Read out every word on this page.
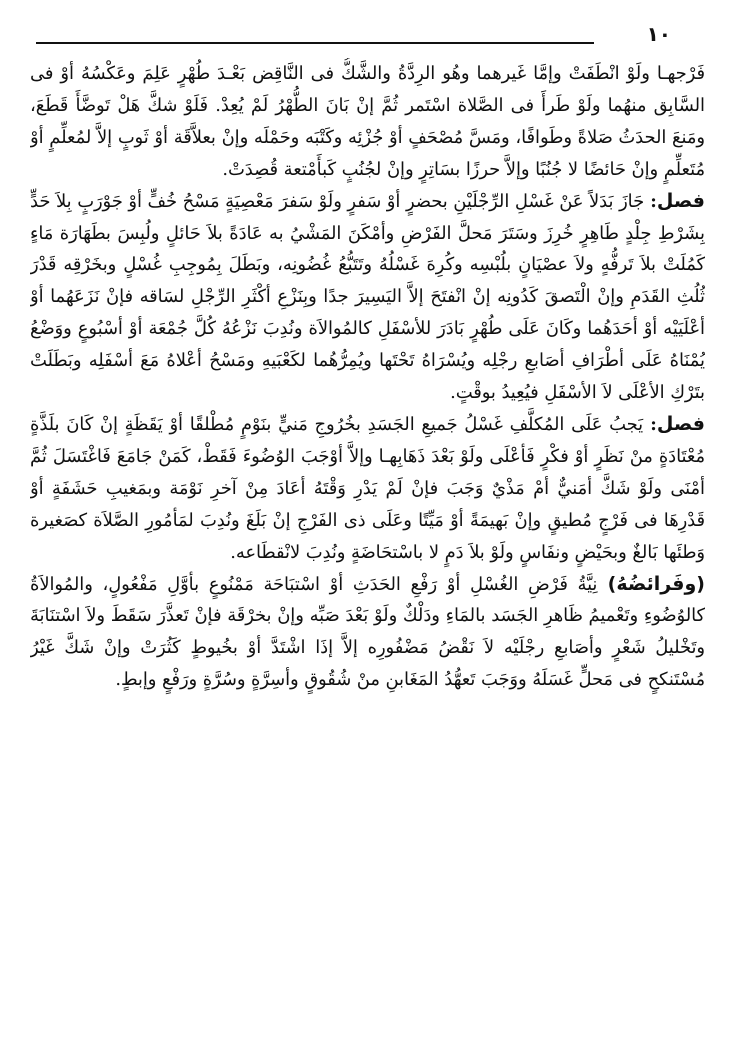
١٠

فَرْجهـا ولَوْ انْطَفَتْ وإمَّا غَيرهما وهُو الرِدَّةُ والشَّكُّ فى النَّاقِض بَعْـدَ طُهْرٍ عَلِمَ وعَكْسُهُ أوْ فى السَّابِق منهُما ولَوْ طَرأَ فى الصَّلاة اسْتَمر ثُمَّ إنْ بَانَ الطُّهْرُ لَمْ يُعِدْ. فَلَوْ شكَّ هَلْ تَوضَّأَ قَطَعَ، ومَنعَ الحدَثُ صَلاةً وطَوافًا، ومَسَّ مُصْحَفٍ أوْ جُزْئِه وكَتْبَه وحَمْلَه وإنْ بعلاَّقَة أوْ ثَوبٍ إلاَّ لمُعلِّمٍ أوْ مُتَعلِّمٍ وإنْ حَائضًا لا جُنُبًا وإلاَّ حرزًا بسَاتِرٍ وإنْ لجُنُبٍ كَبأَمْتعة قُصِدَتْ.

فصل: جَازَ بَدَلاً عَنْ غَسْلِ الرِّجْلَيْنِ بحضرٍ أوْ سَفرٍ ولَوْ سَفرَ مَعْصِيَةٍ مَسْحُ خُفٍّ أوْ جَوْرَبٍ بِلاَ حَدٍّ بِشَرْطِ جِلْدٍ طَاهِرٍ خُرِزَ وسَتَرَ مَحلَّ الفَرْضِ وأمْكَنَ المَشْيُ به عَادَةً بلاَ حَائلٍ ولُبِسَ بطَهَارَة مَاءٍ كَمُلَتْ بلاَ تَرفُّهٍ ولاَ عصْيَانٍ بلُبْسِه وكُرِهَ غَسْلُهُ وتَتَبُّعُ غُضُونِه، وبَطَلَ بِمُوجِبِ غُسْلٍ وبخَرْقِه قَدْرَ ثُلُثِ القَدَمِ وإنْ الْتَصقَ كَدُونِه إنْ انْفتَحَ إلاَّ اليَسِيرَ جدًا وبِنَزْعِ أكْثَرِ الرِّجْلِ لسَاقه فإنْ نَزَعَهُما أوْ أعْلَيَيْه أوْ أحَدَهُما وكَانَ عَلَى طُهْرٍ بَادَرَ للأسْفَلِ كالمُوالاَة ونُدِبَ نَزْعُهُ كُلَّ جُمْعَة أوْ أسْبُوعٍ ووَضْعُ يُمْنَاهُ عَلَى أطْرَافِ أصَابعِ رجْلِه ويُسْرَاهُ تَحْتَها ويُمِرُّهُما لكَعْبَيهِ ومَسْحُ أعْلاهُ مَعَ أسْفَلِه وبَطَلَتْ بتَرْكِ الأعْلَى لاَ الأسْفَلِ فيُعِيدُ بوقْتٍ.

فصل: يَجبُ عَلَى المُكلَّفِ غَسْلُ جَميعِ الجَسَدِ بخُرُوجِ مَنيٍّ بنَوْمٍ مُطْلقًا أوْ يَقَظَةٍ إنْ كَانَ بلَذَّةٍ مُعْتَادَةٍ منْ نَظَرٍ أوْ فكْرٍ فَأعْلَى ولَوْ بَعْدَ ذَهَابِهـا وإلاَّ أوْجَبَ الوُضُوءَ فَقَطْ، كَمَنْ جَامَعَ فَاغْتَسَلَ ثُمَّ أمْنَى ولَوْ شَكَّ أمَنيٌّ أمْ مَذْيٌ وَجَبَ فإنْ لَمْ يَدْرِ وَقْتَهُ أعَادَ مِنْ آخرِ نَوْمَة وبمَغيبِ حَشَفَةٍ أوْ قَدْرِهَا فى فَرْجٍ مُطيقٍ وإنْ بَهيمَةً أوْ مَيِّتًا وعَلَى ذى الفَرْجِ إنْ بَلَغَ ونُدِبَ لمَأمُورِ الصَّلاَة كصَغيرة وَطئَها بَالغٌ وبحَيْضٍ ونفَاسٍ ولَوْ بلاَ دَمٍ لا باسْتحَاضَةٍ ونُدِبَ لانْقطَاعه.

(وفَرائضُهُ) نِيَّةُ فَرْضِ الغُسْلِ أوْ رَفْعِ الحَدَثِ أوْ اسْتبَاحَة مَمْنُوعٍ بأوَّلِ مَفْعُولٍ، والمُوالاَةُ كالوُضُوءِ وتَعْميمُ ظَاهرِ الجَسَد بالمَاءِ ودَلْكٌ ولَوْ بَعْدَ صَبِّه وإنْ بخرْقَة فإنْ تَعذَّرَ سَقَطَ ولاَ اسْتنَابَةَ وتَخْليلُ شَعْرٍ وأصَابعِ رجْلَيْه لاَ نَقْضُ مَضْفُورِه إلاَّ إذَا اشْتَدَّ أوْ بخُيوطٍ كَثُرَتْ وإنْ شَكَّ غَيْرُ مُسْتَنكحٍ فى مَحلٍّ غَسَلَهُ ووَجَبَ تَعهُّدُ المَغَابنِ منْ شُقُوقٍ وأسِرَّةٍ وسُرَّةٍ ورَفْعٍ وإبطٍ.
